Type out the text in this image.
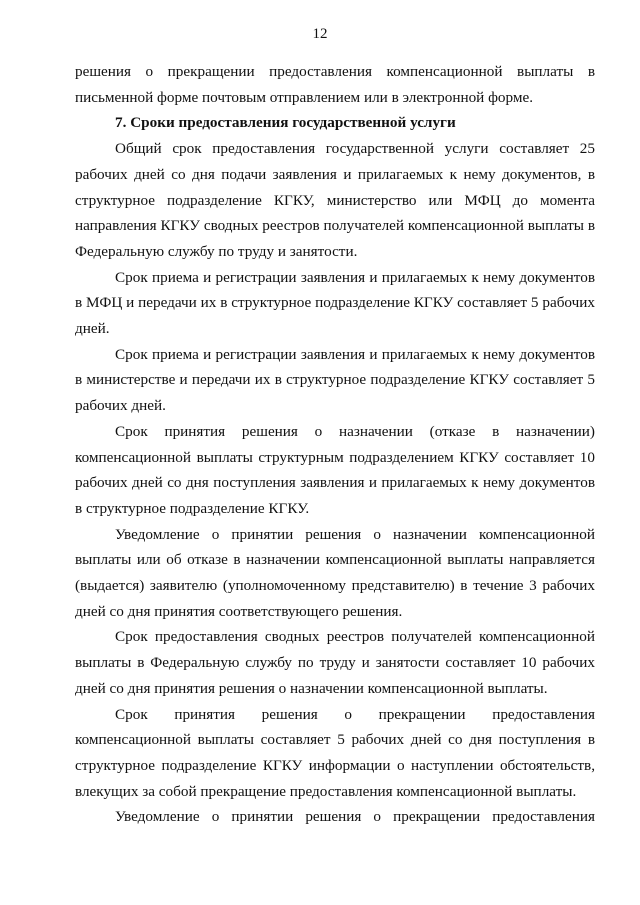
12

решения о прекращении предоставления компенсационной выплаты в письменной форме почтовым отправлением или в электронной форме.

7. Сроки предоставления государственной услуги

Общий срок предоставления государственной услуги составляет 25 рабочих дней со дня подачи заявления и прилагаемых к нему документов, в структурное подразделение КГКУ, министерство или МФЦ до момента направления КГКУ сводных реестров получателей компенсационной выплаты в Федеральную службу по труду и занятости.

Срок приема и регистрации заявления и прилагаемых к нему документов в МФЦ и передачи их в структурное подразделение КГКУ составляет 5 рабочих дней.

Срок приема и регистрации заявления и прилагаемых к нему документов в министерстве и передачи их в структурное подразделение КГКУ составляет 5 рабочих дней.

Срок принятия решения о назначении (отказе в назначении) компенсационной выплаты структурным подразделением КГКУ составляет 10 рабочих дней со дня поступления заявления и прилагаемых к нему документов в структурное подразделение КГКУ.

Уведомление о принятии решения о назначении компенсационной выплаты или об отказе в назначении компенсационной выплаты направляется (выдается) заявителю (уполномоченному представителю) в течение 3 рабочих дней со дня принятия соответствующего решения.

Срок предоставления сводных реестров получателей компенсационной выплаты в Федеральную службу по труду и занятости составляет 10 рабочих дней со дня принятия решения о назначении компенсационной выплаты.

Срок принятия решения о прекращении предоставления компенсационной выплаты составляет 5 рабочих дней со дня поступления в структурное подразделение КГКУ информации о наступлении обстоятельств, влекущих за собой прекращение предоставления компенсационной выплаты.

Уведомление о принятии решения о прекращении предоставления
